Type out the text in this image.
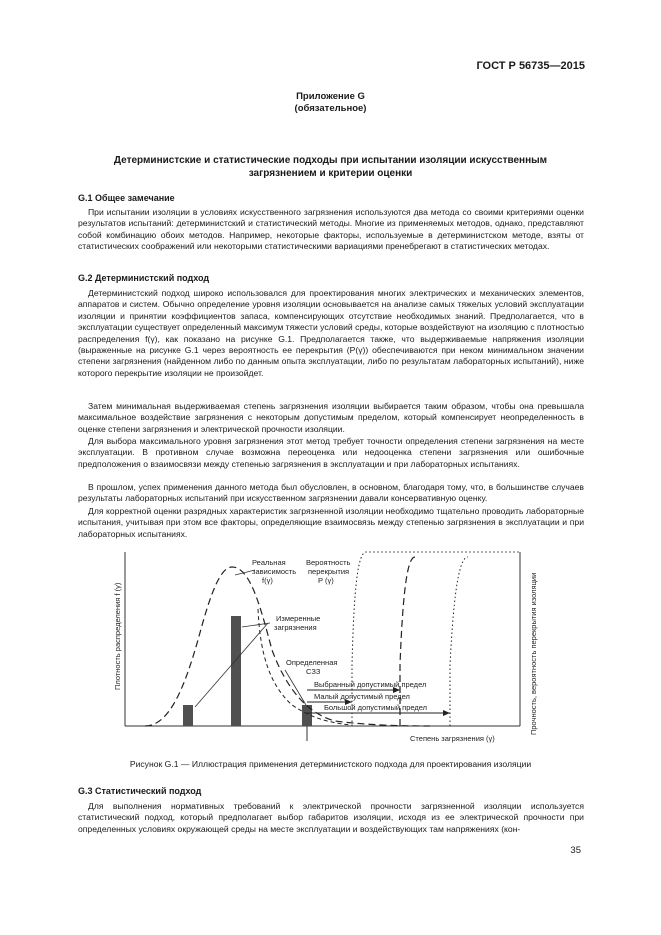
ГОСТ Р 56735—2015
Приложение G
(обязательное)
Детерминистские и статистические подходы при испытании изоляции искусственным
загрязнением и критерии оценки
G.1 Общее замечание

При испытании изоляции в условиях искусственного загрязнения используются два метода со своими критериями оценки результатов испытаний: детерминистский и статистический методы. Многие из применяемых методов, однако, представляют собой комбинацию обоих методов. Например, некоторые факторы, используемые в детерминистском методе, взяты от статистических соображений или некоторыми статистическими вариациями пренебрегают в статистических методах.

G.2 Детерминистский подход

Детерминистский подход широко использовался для проектирования многих электрических и механических элементов, аппаратов и систем. Обычно определение уровня изоляции основывается на анализе самых тяжелых условий эксплуатации изоляции и принятии коэффициентов запаса, компенсирующих отсутствие необходимых знаний. Предполагается, что в эксплуатации существует определенный максимум тяжести условий среды, которые воздействуют на изоляцию с плотностью распределения f(γ), как показано на рисунке G.1. Предполагается также, что выдерживаемые напряжения изоляции (выраженные на рисунке G.1 через вероятность ее перекрытия (P(γ)) обеспечиваются при неком минимальном значении степени загрязнения (найденном либо по данным опыта эксплуатации, либо по результатам лабораторных испытаний), ниже которого перекрытие изоляции не произойдет.

Затем минимальная выдерживаемая степень загрязнения изоляции выбирается таким образом, чтобы она превышала максимальное воздействие загрязнения с некоторым допустимым пределом, который компенсирует неопределенность в оценке степени загрязнения и электрической прочности изоляции.

Для выбора максимального уровня загрязнения этот метод требует точности определения степени загрязнения на месте эксплуатации. В противном случае возможна переоценка или недооценка степени загрязнения или ошибочные предположения о взаимосвязи между степенью загрязнения в эксплуатации и при лабораторных испытаниях.

В прошлом, успех применения данного метода был обусловлен, в основном, благодаря тому, что, в большинстве случаев результаты лабораторных испытаний при искусственном загрязнении давали консервативную оценку.

Для корректной оценки разрядных характеристик загрязненной изоляции необходимо тщательно проводить лабораторные испытания, учитывая при этом все факторы, определяющие взаимосвязь между степенью загрязнения в эксплуатации и при лабораторных испытаниях.

Плотность распределения f (γ)	Прочность, вероятность перекрытия изоляции
Степень загрязнения (γ)
Реальная
зависимость
f(γ)
Вероятность
перекрытия
P (γ)
Измеренные
загрязнения
Определенная
СЗЗ
Выбранный допустимый предел
Малый допустимый предел
Большой допустимый предел
Рисунок G.1 — Иллюстрация применения детерминистского подхода для проектирования изоляции
G.3 Статистический подход

Для выполнения нормативных требований к электрической прочности загрязненной изоляции используется статистический подход, который предполагает выбор габаритов изоляции, исходя из ее электрической прочности при определенных условиях окружающей среды на месте эксплуатации и воздействующих там напряжениях (кон-

35
